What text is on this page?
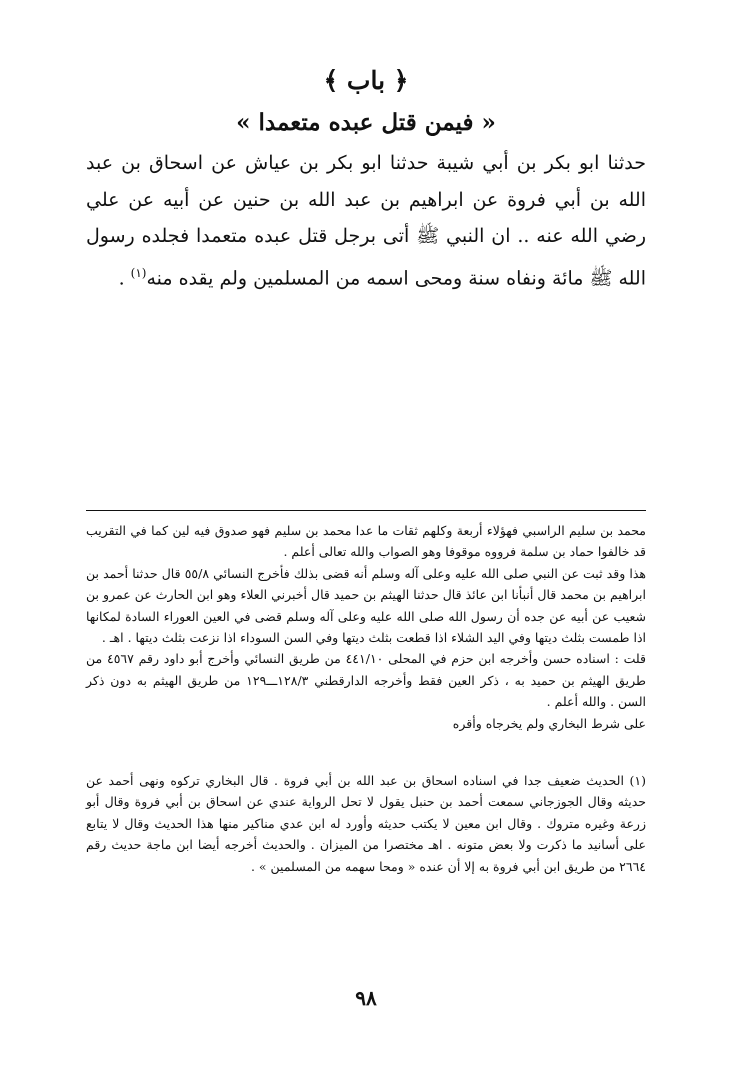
﴿ باب ﴾
« فيمن قتل عبده متعمدا »

حدثنا ابو بكر بن أبي شيبة حدثنا ابو بكر بن عياش عن اسحاق بن عبد الله بن أبي فروة عن ابراهيم بن عبد الله بن حنين عن أبيه عن علي رضي الله عنه .. ان النبي ﷺ أتى برجل قتل عبده متعمدا فجلده رسول الله ﷺ مائة ونفاه سنة ومحى اسمه من المسلمين ولم يقده منه$^{(١)}$ .

محمد بن سليم الراسبي فهؤلاء أربعة وكلهم ثقات ما عدا محمد بن سليم فهو صدوق فيه لين كما في التقريب قد خالفوا حماد بن سلمة فرووه موقوفا وهو الصواب والله تعالى أعلم .

هذا وقد ثبت عن النبي صلى الله عليه وعلى آله وسلم أنه قضى بذلك فأخرج النسائي ٥٥/٨ قال حدثنا أحمد بن ابراهيم بن محمد قال أنبأنا ابن عائذ قال حدثنا الهيثم بن حميد قال أخبرني العلاء وهو ابن الحارث عن عمرو بن شعيب عن أبيه عن جده أن رسول الله صلى الله عليه وعلى آله وسلم قضى في العين العوراء السادة لمكانها اذا طمست بثلث ديتها وفي اليد الشلاء اذا قطعت بثلث ديتها وفي السن السوداء اذا نزعت بثلث ديتها . اهـ .

قلت : اسناده حسن وأخرجه ابن حزم في المحلى ٤٤١/١٠ من طريق النسائي وأخرج أبو داود رقم ٤٥٦٧ من طريق الهيثم بن حميد به ، ذكر العين فقط وأخرجه الدارقطني ١٢٨/٣ـــ١٢٩ من طريق الهيثم به دون ذكر السن . والله أعلم .

على شرط البخاري ولم يخرجاه وأقره

(١) الحديث ضعيف جدا في اسناده اسحاق بن عبد الله بن أبي فروة . قال البخاري تركوه ونهى أحمد عن حديثه وقال الجوزجاني سمعت أحمد بن حنبل يقول لا تحل الرواية عندي عن اسحاق بن أبي فروة وقال أبو زرعة وغيره متروك . وقال ابن معين لا يكتب حديثه وأورد له ابن عدي مناكير منها هذا الحديث وقال لا يتابع على أسانيد ما ذكرت ولا بعض متونه . اهـ مختصرا من الميزان . والحديث أخرجه أيضا ابن ماجة حديث رقم ٢٦٦٤ من طريق ابن أبي فروة به إلا أن عنده « ومحا سهمه من المسلمين » .

٩٨
